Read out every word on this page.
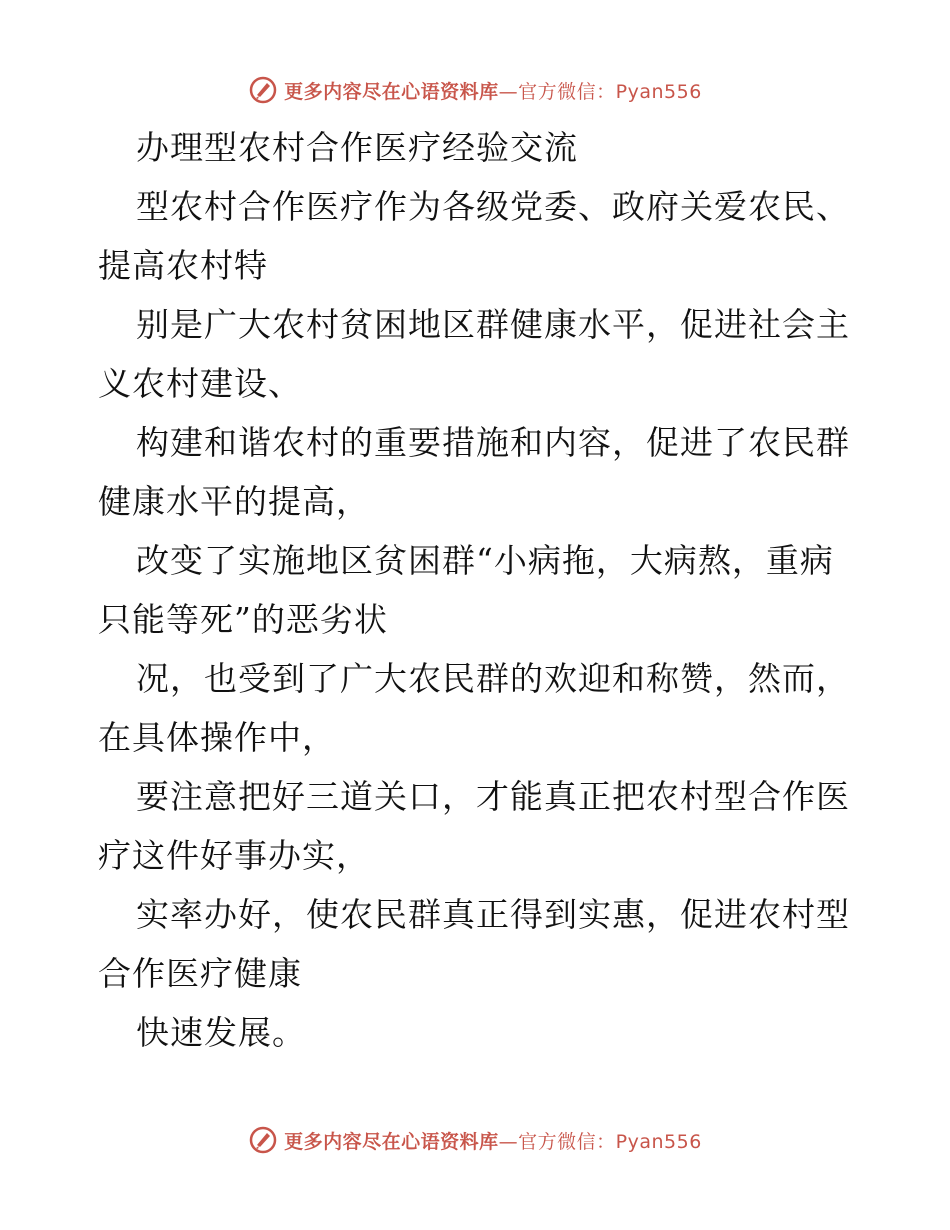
更多内容尽在心语资料库—官方微信：Pyan556

办理型农村合作医疗经验交流

型农村合作医疗作为各级党委、政府关爱农民、

提高农村特

别是广大农村贫困地区群健康水平，促进社会主

义农村建设、

构建和谐农村的重要措施和内容，促进了农民群

健康水平的提高，

改变了实施地区贫困群“小病拖，大病熬，重病

只能等死”的恶劣状

况，也受到了广大农民群的欢迎和称赞，然而，

在具体操作中，

要注意把好三道关口，才能真正把农村型合作医

疗这件好事办实，

实率办好，使农民群真正得到实惠，促进农村型

合作医疗健康

快速发展。

更多内容尽在心语资料库—官方微信：Pyan556
